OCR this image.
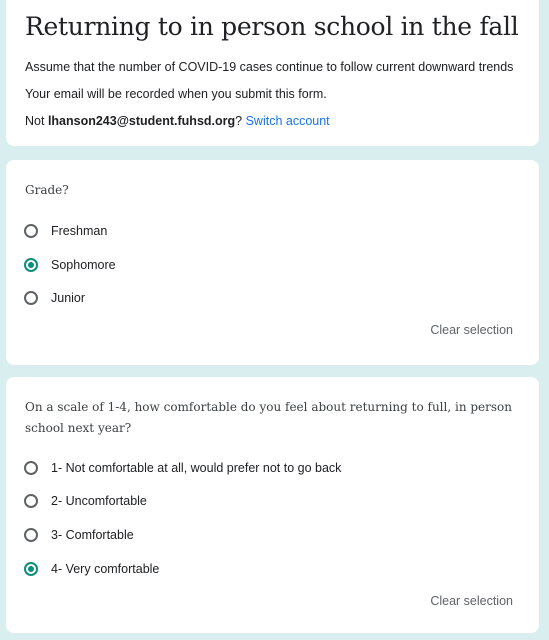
Returning to in person school in the fall
Assume that the number of COVID-19 cases continue to follow current downward trends
Your email will be recorded when you submit this form.
Not lhanson243@student.fuhsd.org? Switch account
Grade?
Freshman
Sophomore
Junior
Clear selection
On a scale of 1-4, how comfortable do you feel about returning to full, in person school next year?
1- Not comfortable at all, would prefer not to go back
2- Uncomfortable
3- Comfortable
4- Very comfortable
Clear selection
